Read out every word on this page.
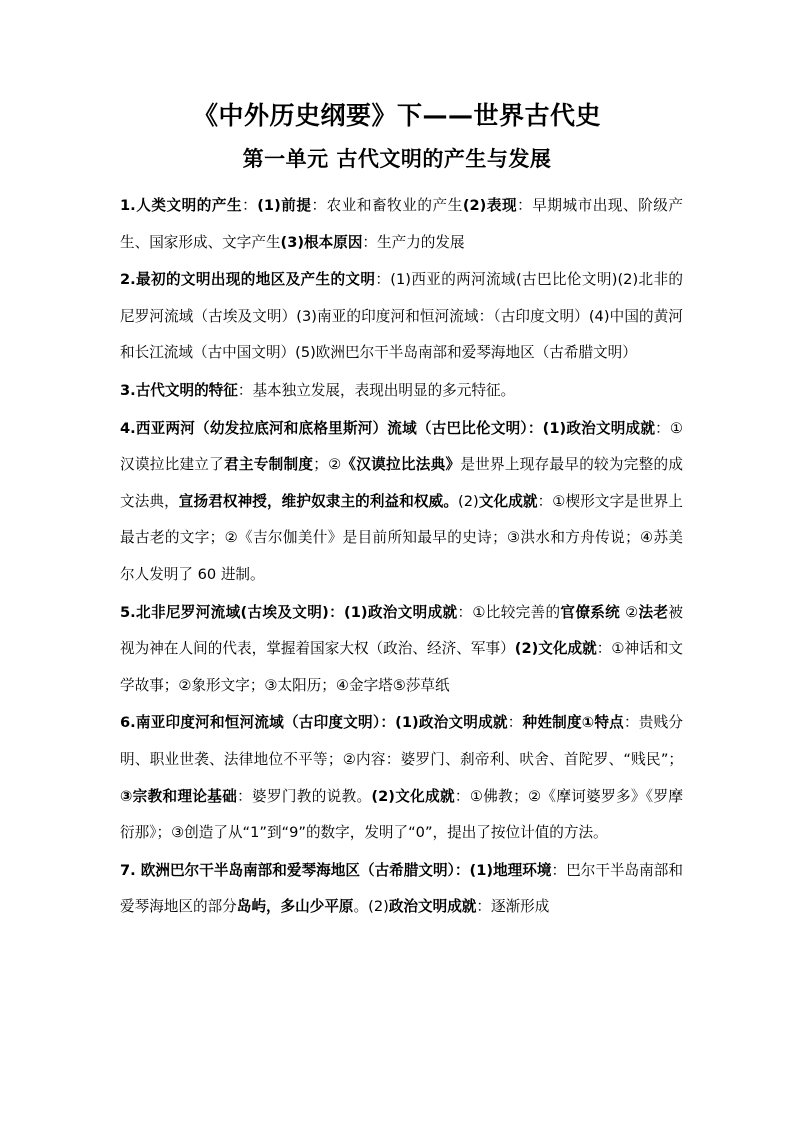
《中外历史纲要》下——世界古代史
第一单元 古代文明的产生与发展

1.人类文明的产生：(1)前提：农业和畜牧业的产生(2)表现：早期城市出现、阶级产生、国家形成、文字产生(3)根本原因：生产力的发展

2.最初的文明出现的地区及产生的文明：(1)西亚的两河流域(古巴比伦文明)(2)北非的尼罗河流域（古埃及文明）(3)南亚的印度河和恒河流域：（古印度文明）(4)中国的黄河和长江流域（古中国文明）(5)欧洲巴尔干半岛南部和爱琴海地区（古希腊文明）

3.古代文明的特征：基本独立发展，表现出明显的多元特征。

4.西亚两河（幼发拉底河和底格里斯河）流域（古巴比伦文明）：(1)政治文明成就：①汉谟拉比建立了君主专制制度；②《汉谟拉比法典》是世界上现存最早的较为完整的成文法典，宣扬君权神授，维护奴隶主的利益和权威。(2)文化成就：①楔形文字是世界上最古老的文字；②《吉尔伽美什》是目前所知最早的史诗；③洪水和方舟传说；④苏美尔人发明了 60 进制。

5.北非尼罗河流域(古埃及文明)：(1)政治文明成就：①比较完善的官僚系统 ②法老被视为神在人间的代表，掌握着国家大权（政治、经济、军事）(2)文化成就：①神话和文学故事；②象形文字；③太阳历；④金字塔⑤莎草纸

6.南亚印度河和恒河流域（古印度文明）：(1)政治文明成就：种姓制度①特点：贵贱分明、职业世袭、法律地位不平等；②内容：婆罗门、刹帝利、吠舍、首陀罗、“贱民”；③宗教和理论基础：婆罗门教的说教。(2)文化成就：①佛教；②《摩诃婆罗多》《罗摩衍那》；③创造了从“1”到“9”的数字，发明了“0”，提出了按位计值的方法。

7. 欧洲巴尔干半岛南部和爱琴海地区（古希腊文明）：(1)地理环境：巴尔干半岛南部和爱琴海地区的部分岛屿，多山少平原。(2)政治文明成就：逐渐形成
